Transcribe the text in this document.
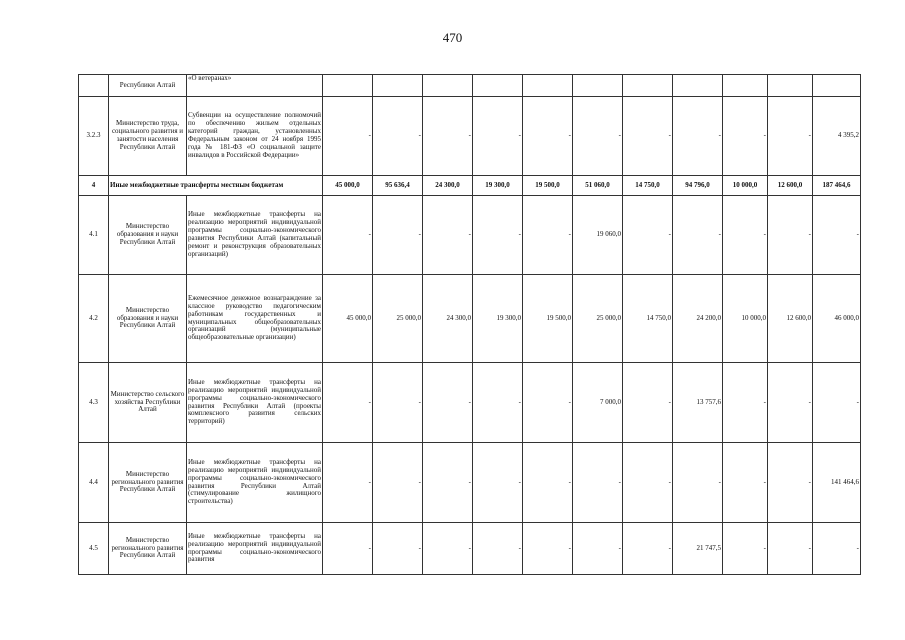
470
	Республики Алтай	«О ветеранах»											
3.2.3	Министерство труда, социального развития и занятости населения Республики Алтай	Субвенции на осуществление полномочий по обеспечению жильем отдельных категорий граждан, установленных Федеральным законом от 24 ноября 1995 года № 181-ФЗ «О социальной защите инвалидов в Российской Федерации»	-	-	-	-	-	-	-	-	-	-	4 395,2
4	Иные межбюджетные трансферты местным бюджетам		45 000,0	95 636,4	24 300,0	19 300,0	19 500,0	51 060,0	14 750,0	94 796,0	10 000,0	12 600,0	187 464,6
4.1	Министерство образования и науки Республики Алтай	Иные межбюджетные трансферты на реализацию мероприятий индивидуальной программы социально-экономического развития Республики Алтай (капитальный ремонт и реконструкция образовательных организаций)	-	-	-	-	-	19 060,0	-	-	-	-	-
4.2	Министерство образования и науки Республики Алтай	Ежемесячное денежное вознаграждение за классное руководство педагогическим работникам государственных и муниципальных общеобразовательных организаций (муниципальные общеобразовательные организации)	45 000,0	25 000,0	24 300,0	19 300,0	19 500,0	25 000,0	14 750,0	24 200,0	10 000,0	12 600,0	46 000,0
4.3	Министерство сельского хозяйства Республики Алтай	Иные межбюджетные трансферты на реализацию мероприятий индивидуальной программы социально-экономического развития Республики Алтай (проекты комплексного развития сельских территорий)	-	-	-	-	-	7 000,0	-	13 757,6	-	-	-
4.4	Министерство регионального развития Республики Алтай	Иные межбюджетные трансферты на реализацию мероприятий индивидуальной программы социально-экономического развития Республики Алтай (стимулирование жилищного строительства)	-	-	-	-	-	-	-	-	-	-	141 464,6
4.5	Министерство регионального развития Республики Алтай	Иные межбюджетные трансферты на реализацию мероприятий индивидуальной программы социально-экономического развития	-	-	-	-	-	-	-	21 747,5	-	-	-
